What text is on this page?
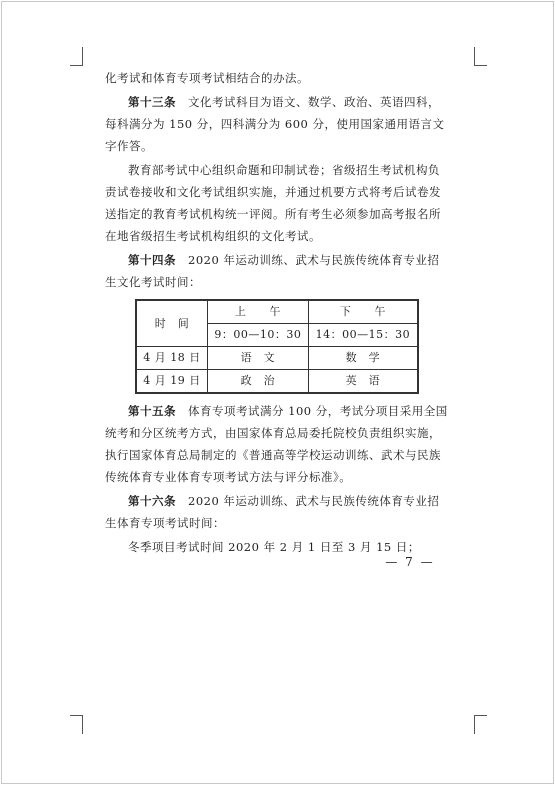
化考试和体育专项考试相结合的办法。

第十三条　文化考试科目为语文、数学、政治、英语四科，每科满分为 150 分，四科满分为 600 分，使用国家通用语言文字作答。

教育部考试中心组织命题和印制试卷；省级招生考试机构负责试卷接收和文化考试组织实施，并通过机要方式将考后试卷发送指定的教育考试机构统一评阅。所有考生必须参加高考报名所在地省级招生考试机构组织的文化考试。

第十四条　2020 年运动训练、武术与民族传统体育专业招生文化考试时间：

时　间	上　　午	下　　午
	9：00—10：30	14：00—15：30
4 月 18 日	语　文	数　学
4 月 19 日	政　治	英　语

第十五条　体育专项考试满分 100 分，考试分项目采用全国统考和分区统考方式，由国家体育总局委托院校负责组织实施，执行国家体育总局制定的《普通高等学校运动训练、武术与民族传统体育专业体育专项考试方法与评分标准》。

第十六条　2020 年运动训练、武术与民族传统体育专业招生体育专项考试时间：

冬季项目考试时间 2020 年 2 月 1 日至 3 月 15 日；

— 7 —
